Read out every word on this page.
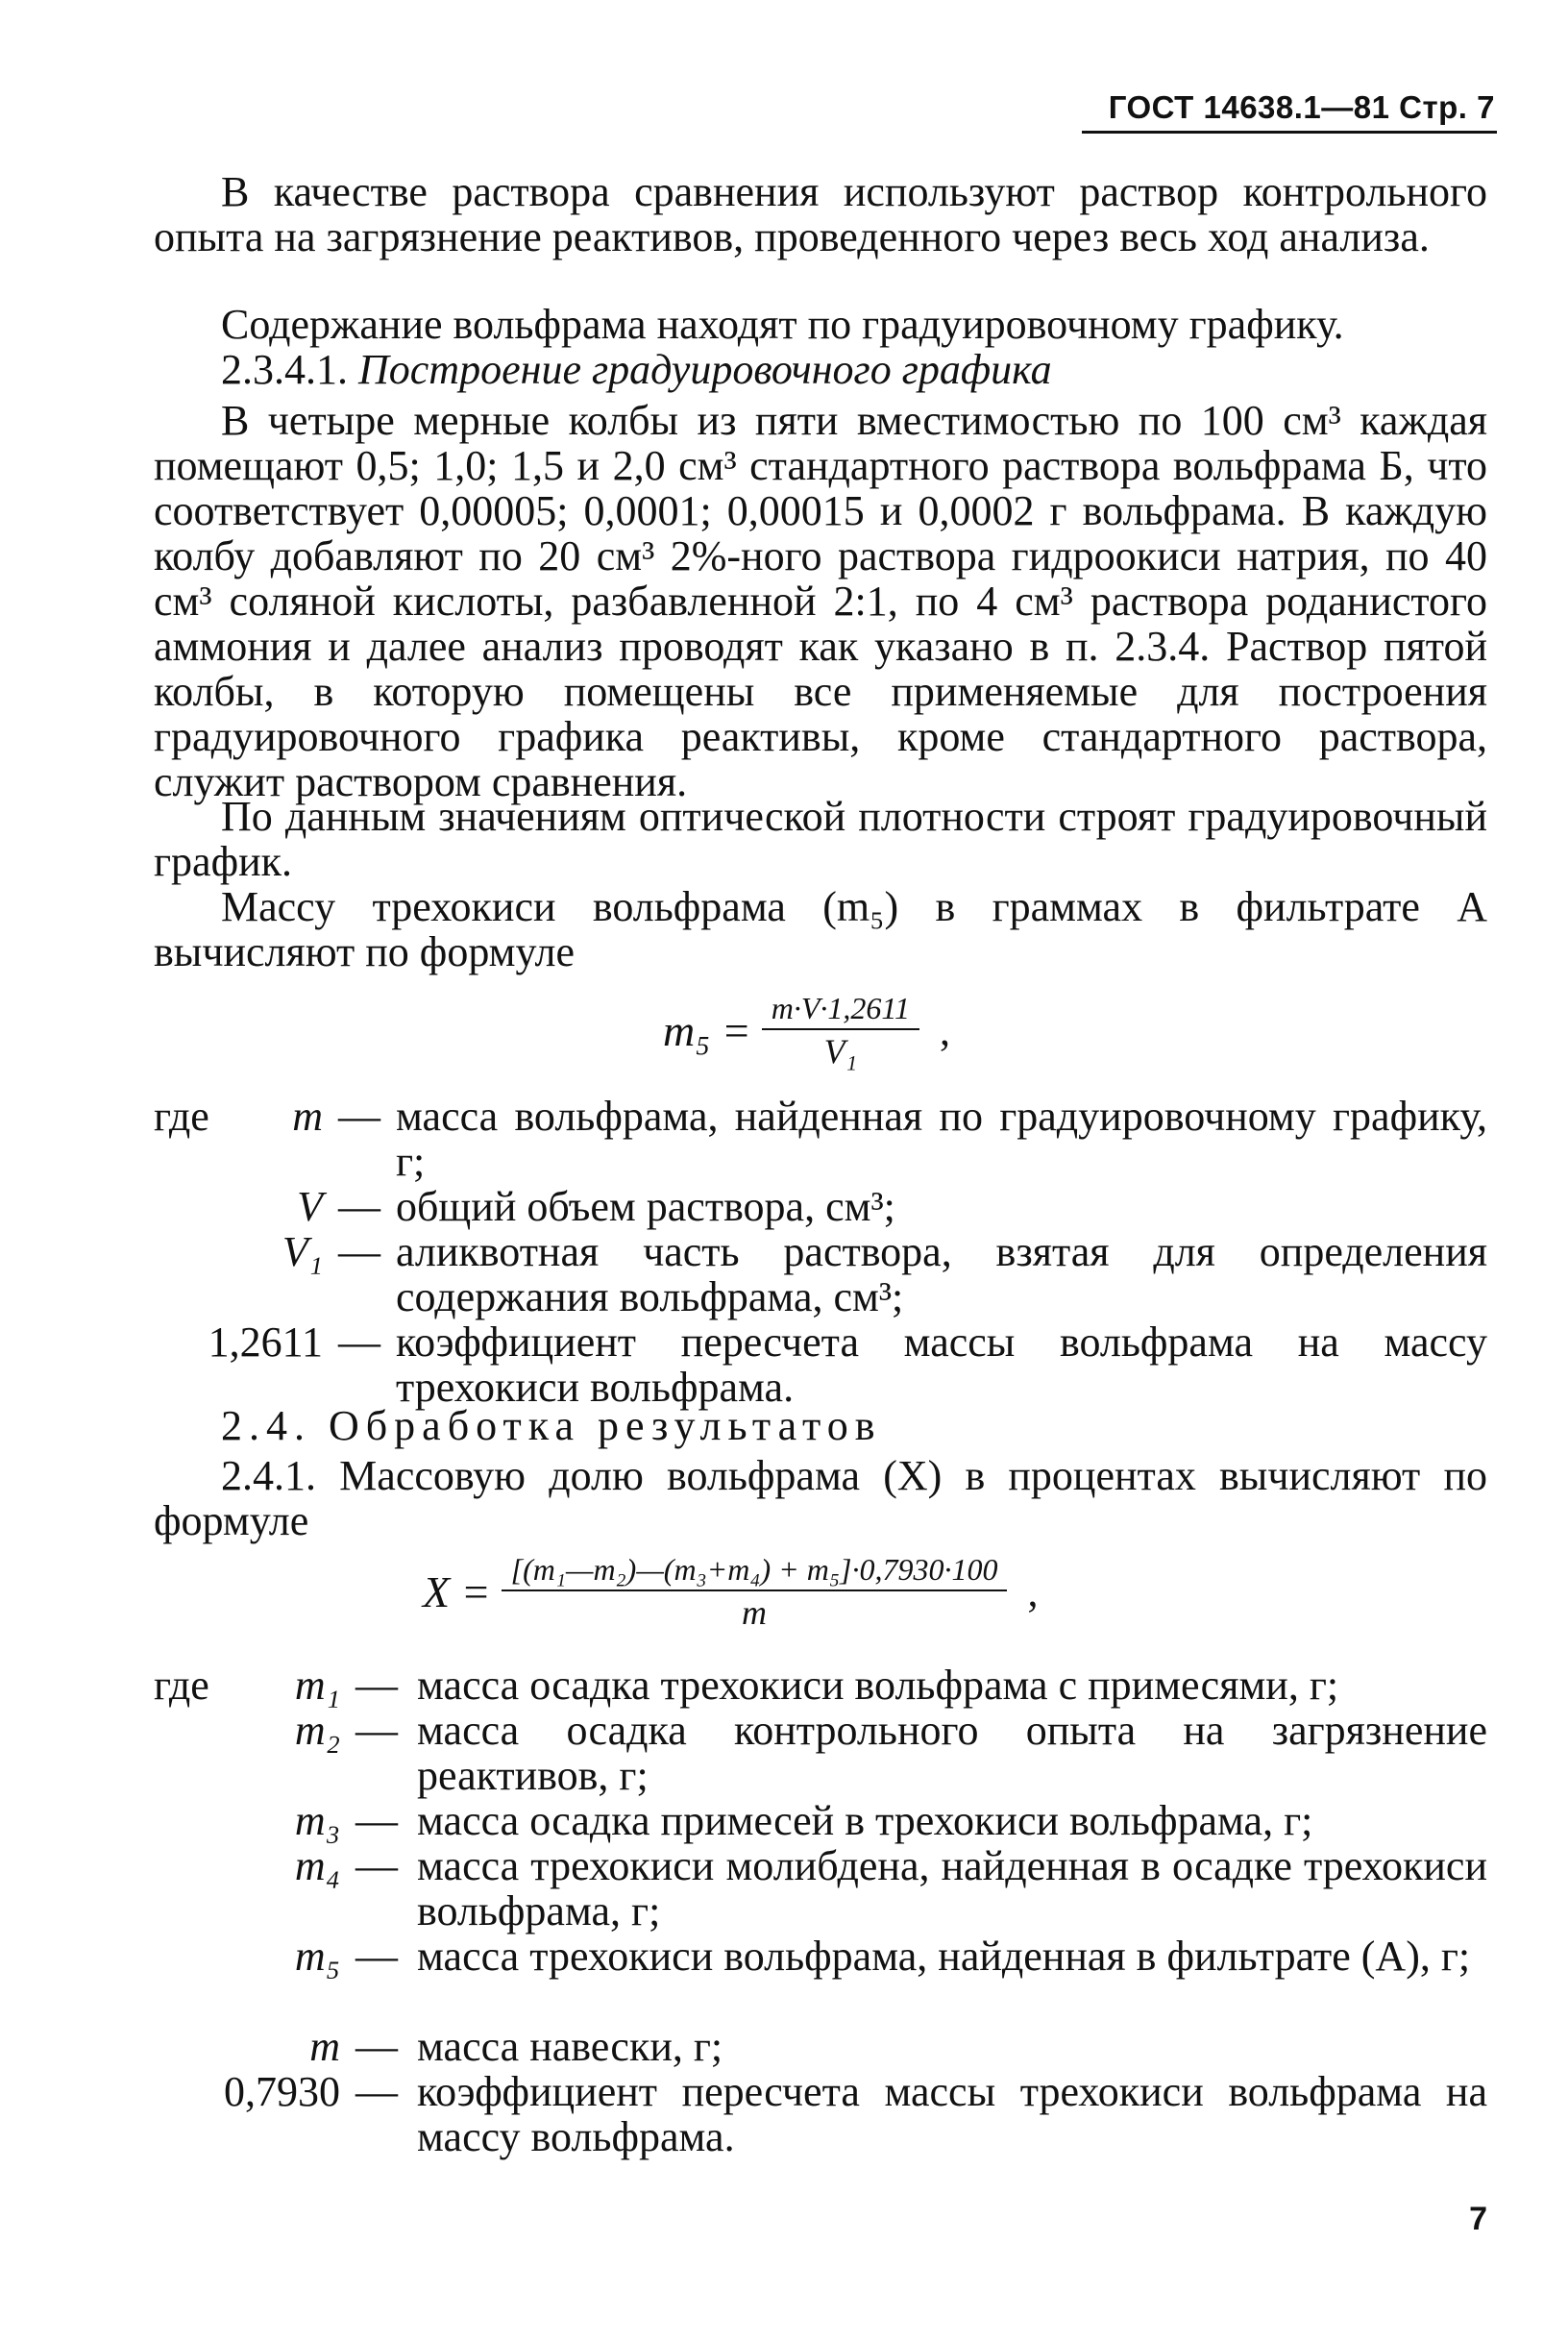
ГОСТ 14638.1—81 Стр. 7

В качестве раствора сравнения используют раствор контрольного опыта на загрязнение реактивов, проведенного через весь ход анализа.

Содержание вольфрама находят по градуировочному графику.

2.3.4.1. Построение градуировочного графика

В четыре мерные колбы из пяти вместимостью по 100 см³ каждая помещают 0,5; 1,0; 1,5 и 2,0 см³ стандартного раствора вольфрама Б, что соответствует 0,00005; 0,0001; 0,00015 и 0,0002 г вольфрама. В каждую колбу добавляют по 20 см³ 2%-ного раствора гидроокиси натрия, по 40 см³ соляной кислоты, разбавленной 2:1, по 4 см³ раствора роданистого аммония и далее анализ проводят как указано в п. 2.3.4. Раствор пятой колбы, в которую помещены все применяемые для построения градуировочного графика реактивы, кроме стандартного раствора, служит раствором сравнения.

По данным значениям оптической плотности строят градуировочный график.

Массу трехокиси вольфрама (m₅) в граммах в фильтрате А вычисляют по формуле

$m_5 = \frac{m\cdot V\cdot 1,2611}{\text{V₁}}$ ,
где m — масса вольфрама, найденная по градуировочному графику, г;
V — общий объем раствора, см³;
V₁ — аликвотная часть раствора, взятая для определения содержания вольфрама, см³;
1,2611 — коэффициент пересчета массы вольфрама на массу трехокиси вольфрама.

2.4. Обработка результатов

2.4.1. Массовую долю вольфрама (X) в процентах вычисляют по формуле

$X = \frac{\text{[(m₁—m₂)—(m₃+m₄) + m₅]·0,7930·100}}{m}$ ,
где m₁ — масса осадка трехокиси вольфрама с примесями, г;
m₂ — масса осадка контрольного опыта на загрязнение реактивов, г;
m₃ — масса осадка примесей в трехокиси вольфрама, г;
m₄ — масса трехокиси молибдена, найденная в осадке трехокиси вольфрама, г;
m₅ — масса трехокиси вольфрама, найденная в фильтрате (А), г;
m — масса навески, г;
0,7930 — коэффициент пересчета массы трехокиси вольфрама на массу вольфрама.
7
